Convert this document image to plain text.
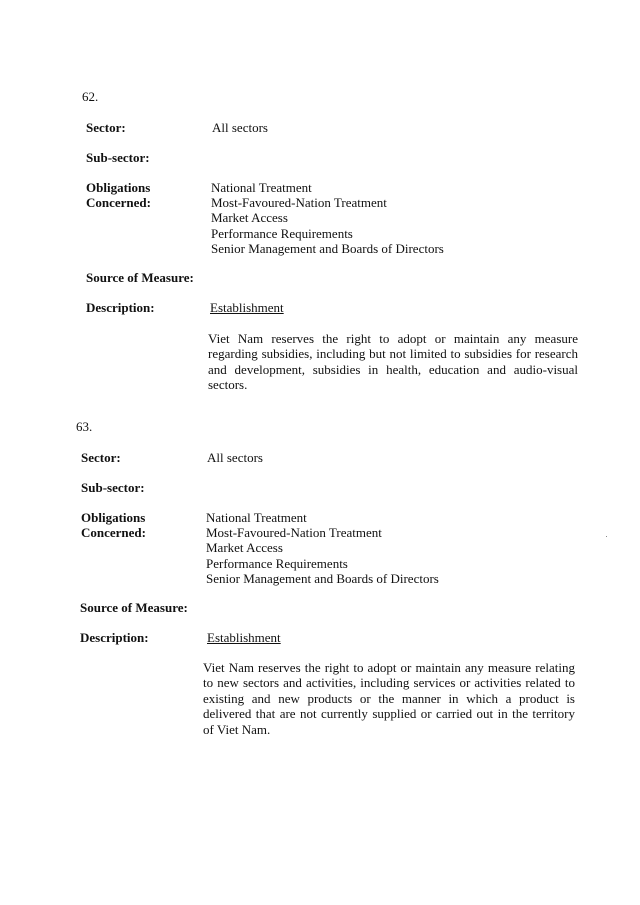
62.
Sector:	All sectors
Sub-sector:
Obligations
Concerned:
National Treatment
Most-Favoured-Nation Treatment
Market Access
Performance Requirements
Senior Management and Boards of Directors
Source of Measure:
Description:	Establishment

Viet Nam reserves the right to adopt or maintain any measure regarding subsidies, including but not limited to subsidies for research and development, subsidies in health, education and audio-visual sectors.

63.
Sector:	All sectors
Sub-sector:
Obligations
Concerned:
National Treatment
Most-Favoured-Nation Treatment
Market Access
Performance Requirements
Senior Management and Boards of Directors
Source of Measure:
Description:	Establishment

Viet Nam reserves the right to adopt or maintain any measure relating to new sectors and activities, including services or activities related to existing and new products or the manner in which a product is delivered that are not currently supplied or carried out in the territory of Viet Nam.
